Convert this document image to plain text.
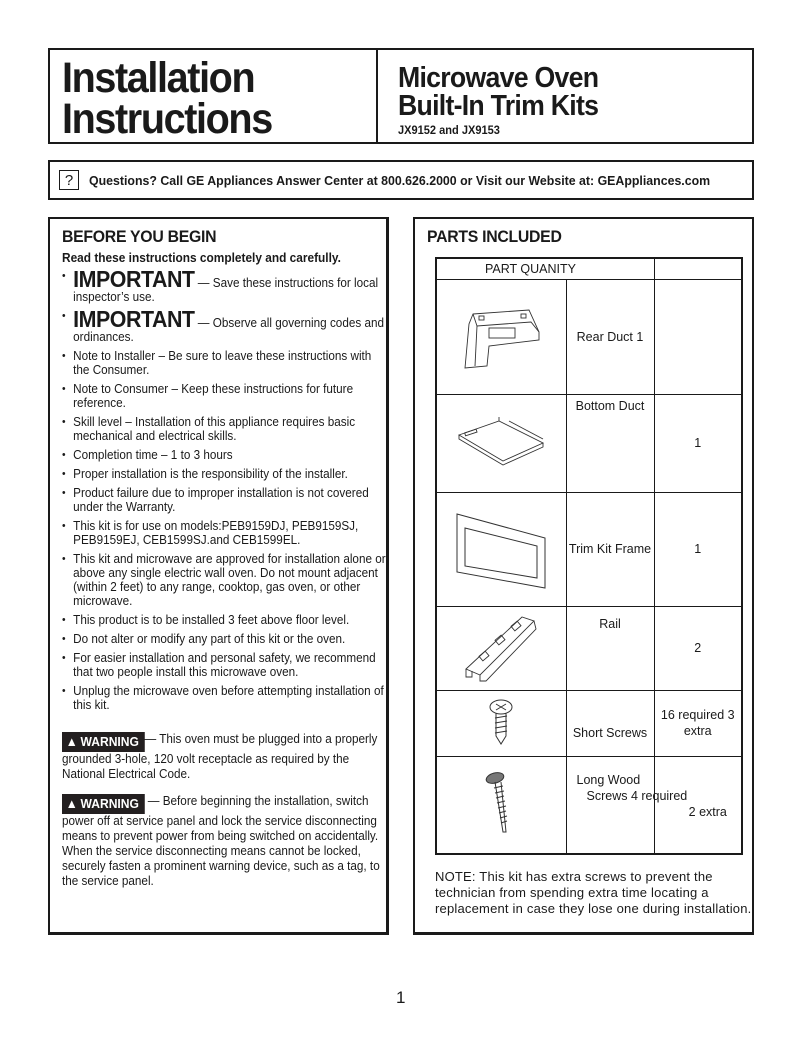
Installation
Instructions
Microwave Oven
Built-In Trim Kits
JX9152 and JX9153
?	Questions? Call GE Appliances Answer Center at 800.626.2000 or Visit our Website at: GEAppliances.com
BEFORE YOU BEGIN
Read these instructions completely and carefully.
• IMPORTANT — Save these instructions for local inspector’s use.
• IMPORTANT — Observe all governing codes and ordinances.
• Note to Installer – Be sure to leave these instructions with the Consumer.
• Note to Consumer – Keep these instructions for future reference.
• Skill level – Installation of this appliance requires basic mechanical and electrical skills.
• Completion time – 1 to 3 hours
• Proper installation is the responsibility of the installer.
• Product failure due to improper installation is not covered under the Warranty.
• This kit is for use on models:PEB9159DJ, PEB9159SJ, PEB9159EJ, CEB1599SJ.and CEB1599EL.
• This kit and microwave are approved for installation alone or above any single electric wall oven. Do not mount adjacent (within 2 feet) to any range, cooktop, gas oven, or other microwave.
• This product is to be installed 3 feet above floor level.
• Do not alter or modify any part of this kit or the oven.
• For easier installation and personal safety, we recommend that two people install this microwave oven.
• Unplug the microwave oven before attempting installation of this kit.
▲ WARNING — This oven must be plugged into a properly grounded 3-hole, 120 volt receptacle as required by the National Electrical Code.
▲ WARNING — Before beginning the installation, switch power off at service panel and lock the service disconnecting means to prevent power from being switched on accidentally. When the service disconnecting means cannot be locked, securely fasten a prominent warning device, such as a tag, to the service panel.
PARTS INCLUDED
PART QUANITY		

	Rear Duct 1	

	Bottom Duct	1

	Trim Kit Frame	1

	Rail	2

	Short Screws	16 required 3 extra

Long Wood
Screws 4 required	2 extra
NOTE: This kit has extra screws to prevent the technician from spending extra time locating a replacement in case they lose one during installation.
1
